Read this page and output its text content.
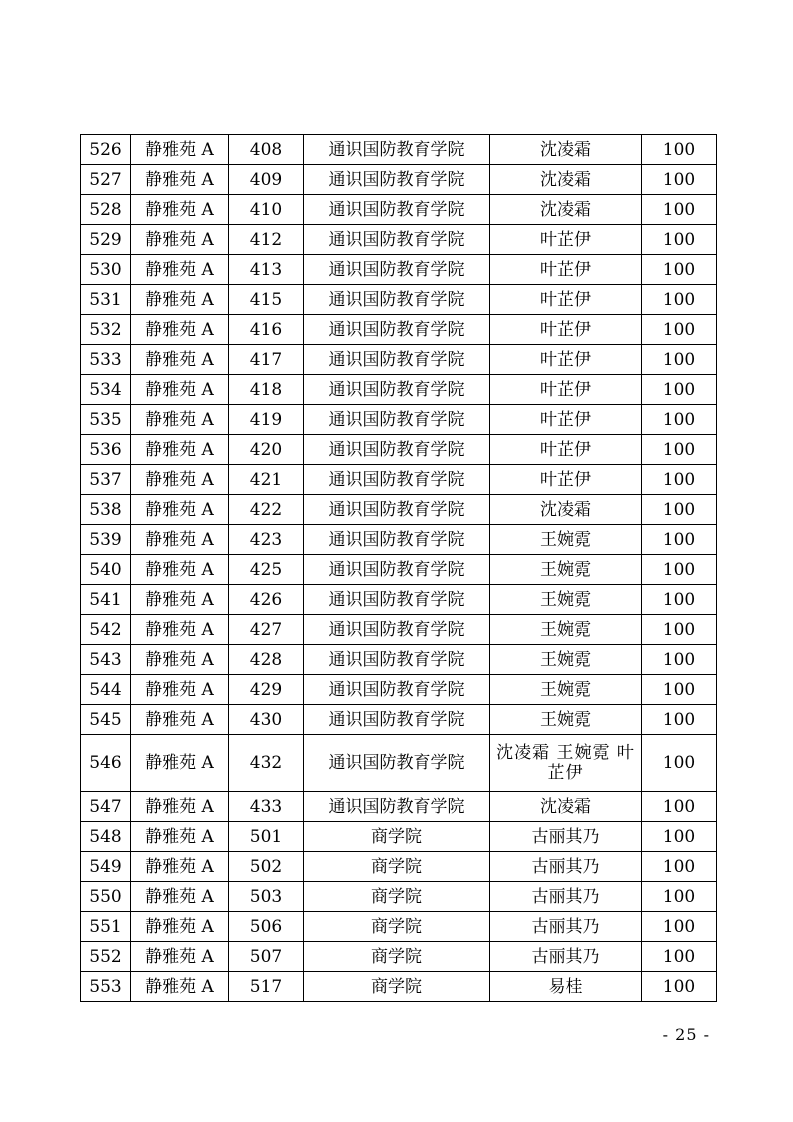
526	静雅苑 A	408	通识国防教育学院	沈凌霜	100
527	静雅苑 A	409	通识国防教育学院	沈凌霜	100
528	静雅苑 A	410	通识国防教育学院	沈凌霜	100
529	静雅苑 A	412	通识国防教育学院	叶芷伊	100
530	静雅苑 A	413	通识国防教育学院	叶芷伊	100
531	静雅苑 A	415	通识国防教育学院	叶芷伊	100
532	静雅苑 A	416	通识国防教育学院	叶芷伊	100
533	静雅苑 A	417	通识国防教育学院	叶芷伊	100
534	静雅苑 A	418	通识国防教育学院	叶芷伊	100
535	静雅苑 A	419	通识国防教育学院	叶芷伊	100
536	静雅苑 A	420	通识国防教育学院	叶芷伊	100
537	静雅苑 A	421	通识国防教育学院	叶芷伊	100
538	静雅苑 A	422	通识国防教育学院	沈凌霜	100
539	静雅苑 A	423	通识国防教育学院	王婉霓	100
540	静雅苑 A	425	通识国防教育学院	王婉霓	100
541	静雅苑 A	426	通识国防教育学院	王婉霓	100
542	静雅苑 A	427	通识国防教育学院	王婉霓	100
543	静雅苑 A	428	通识国防教育学院	王婉霓	100
544	静雅苑 A	429	通识国防教育学院	王婉霓	100
545	静雅苑 A	430	通识国防教育学院	王婉霓	100
546	静雅苑 A	432	通识国防教育学院	沈凌霜 王婉霓 叶芷伊	100
547	静雅苑 A	433	通识国防教育学院	沈凌霜	100
548	静雅苑 A	501	商学院	古丽其乃	100
549	静雅苑 A	502	商学院	古丽其乃	100
550	静雅苑 A	503	商学院	古丽其乃	100
551	静雅苑 A	506	商学院	古丽其乃	100
552	静雅苑 A	507	商学院	古丽其乃	100
553	静雅苑 A	517	商学院	易桂	100
- 25 -
